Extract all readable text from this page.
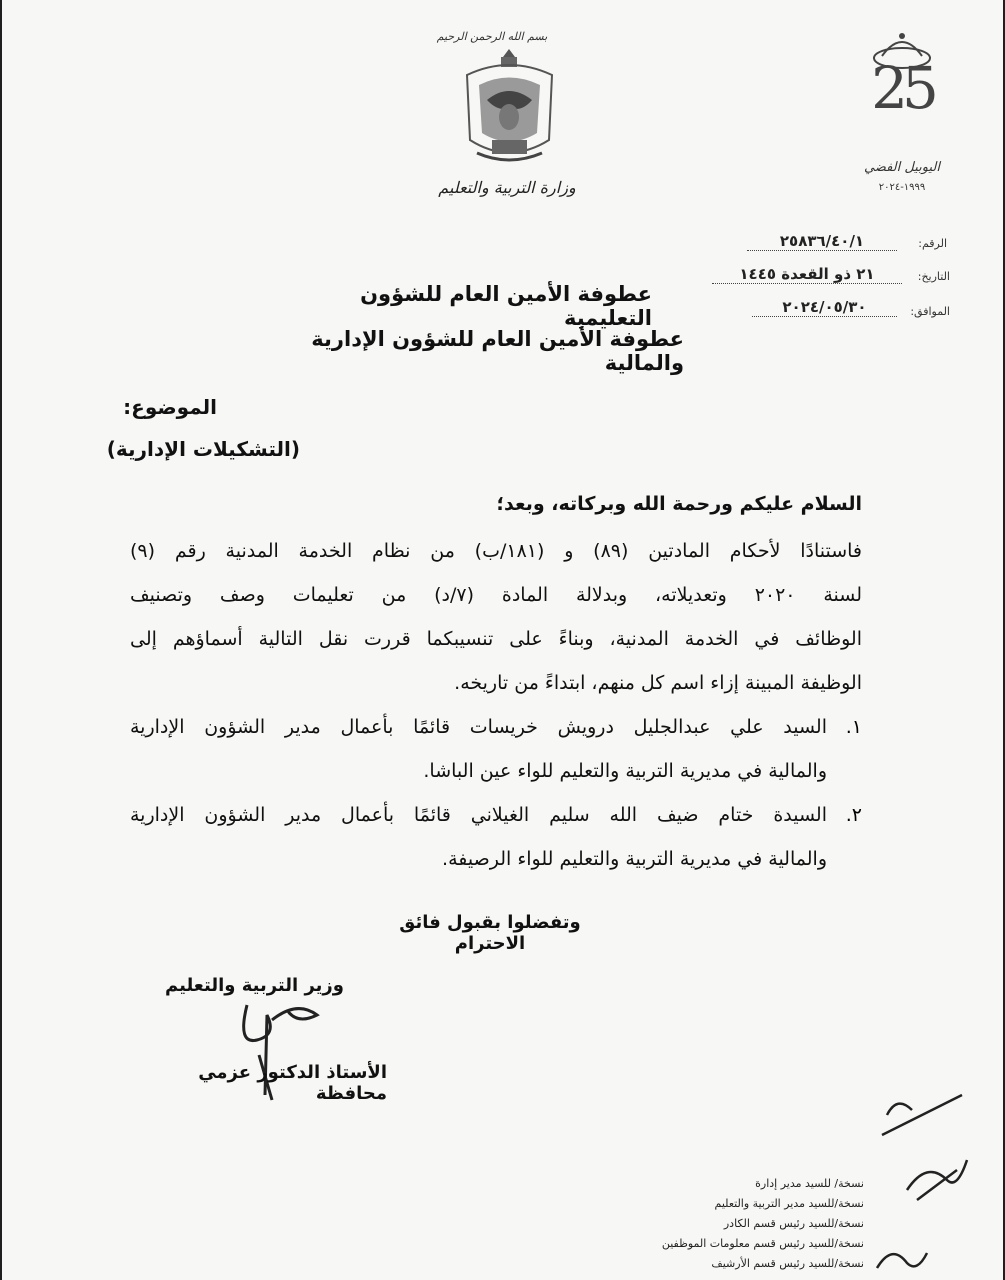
بسم الله الرحمن الرحيم
وزارة التربية والتعليم
25
اليوبيل الفضي
١٩٩٩-٢٠٢٤
الرقم:
٢٥٨٣٦/٤٠/١
التاريخ:
٢١ ذو القعدة ١٤٤٥
الموافق:
٢٠٢٤/٠٥/٣٠
عطوفة الأمين العام للشؤون التعليمية
عطوفة الأمين العام للشؤون الإدارية والمالية
الموضوع:
(التشكيلات الإدارية)
السلام عليكم ورحمة الله وبركاته، وبعد؛
فاستنادًا لأحكام المادتين (٨٩) و (١٨١/ب) من نظام الخدمة المدنية رقم (٩)
لسنة ٢٠٢٠ وتعديلاته، وبدلالة المادة (٧/د) من تعليمات وصف وتصنيف
الوظائف في الخدمة المدنية، وبناءً على تنسيبكما قررت نقل التالية أسماؤهم إلى
الوظيفة المبينة إزاء اسم كل منهم، ابتداءً من تاريخه.
١.
السيد علي عبدالجليل درويش خريسات قائمًا بأعمال مدير الشؤون الإدارية
والمالية في مديرية التربية والتعليم للواء عين الباشا.
٢.
السيدة ختام ضيف الله سليم الغيلاني قائمًا بأعمال مدير الشؤون الإدارية
والمالية في مديرية التربية والتعليم للواء الرصيفة.
وتفضلوا بقبول فائق الاحترام
وزير التربية والتعليم
الأستاذ الدكتور عزمي محافظة
نسخة/ للسيد مدير إدارة
نسخة/للسيد مدير التربية والتعليم
نسخة/للسيد رئيس قسم الكادر
نسخة/للسيد رئيس قسم معلومات الموظفين
نسخة/للسيد رئيس قسم الأرشيف
